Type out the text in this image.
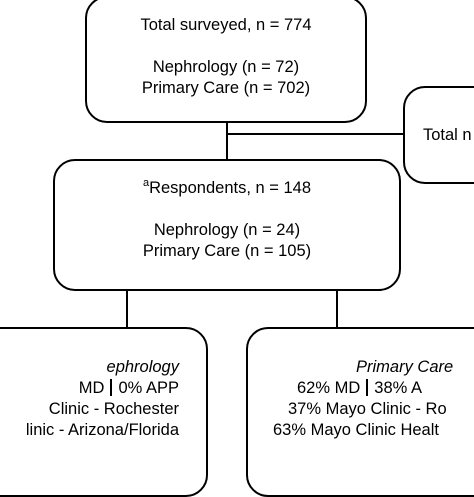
Total surveyed, n = 774
Nephrology (n = 72)
Primary Care (n = 702)
Total n
$^a$Respondents, n = 148
Nephrology (n = 24)
Primary Care (n = 105)
ephrology
MD 0% APP
Clinic - Rochester
linic - Arizona/Florida
Primary Care
62% MD 38% A
37% Mayo Clinic - Ro
63% Mayo Clinic Healt
